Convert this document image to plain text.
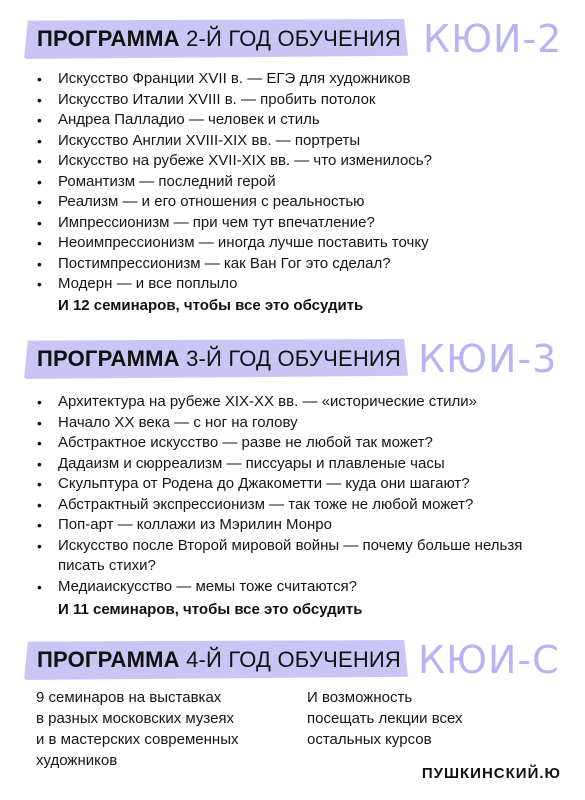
ПРОГРАММА 2-Й ГОД ОБУЧЕНИЯ КЮИ-2
• Искусство Франции XVII в. — ЕГЭ для художников
• Искусство Италии XVIII в. — пробить потолок
• Андреа Палладио — человек и стиль
• Искусство Англии XVIII-XIX вв. — портреты
• Искусство на рубеже XVII-XIX вв. — что изменилось?
• Романтизм — последний герой
• Реализм — и его отношения с реальностью
• Импрессионизм — при чем тут впечатление?
• Неоимпрессионизм — иногда лучше поставить точку
• Постимпрессионизм — как Ван Гог это сделал?
• Модерн — и все поплыло
И 12 семинаров, чтобы все это обсудить
ПРОГРАММА 3-Й ГОД ОБУЧЕНИЯ КЮИ-3
• Архитектура на рубеже XIX-XX вв. — «исторические стили»
• Начало XX века — с ног на голову
• Абстрактное искусство — разве не любой так может?
• Дадаизм и сюрреализм — писсуары и плавленые часы
• Скульптура от Родена до Джакометти — куда они шагают?
• Абстрактный экспрессионизм — так тоже не любой может?
• Поп-арт — коллажи из Мэрилин Монро
• Искусство после Второй мировой войны — почему больше нельзя писать стихи?
• Медиаискусство — мемы тоже считаются?
И 11 семинаров, чтобы все это обсудить
ПРОГРАММА 4-Й ГОД ОБУЧЕНИЯ КЮИ-С
9 семинаров на выставках
в разных московских музеях
и в мастерских современных
художников
И возможность
посещать лекции всех
остальных курсов
ПУШКИНСКИЙ.Ю
